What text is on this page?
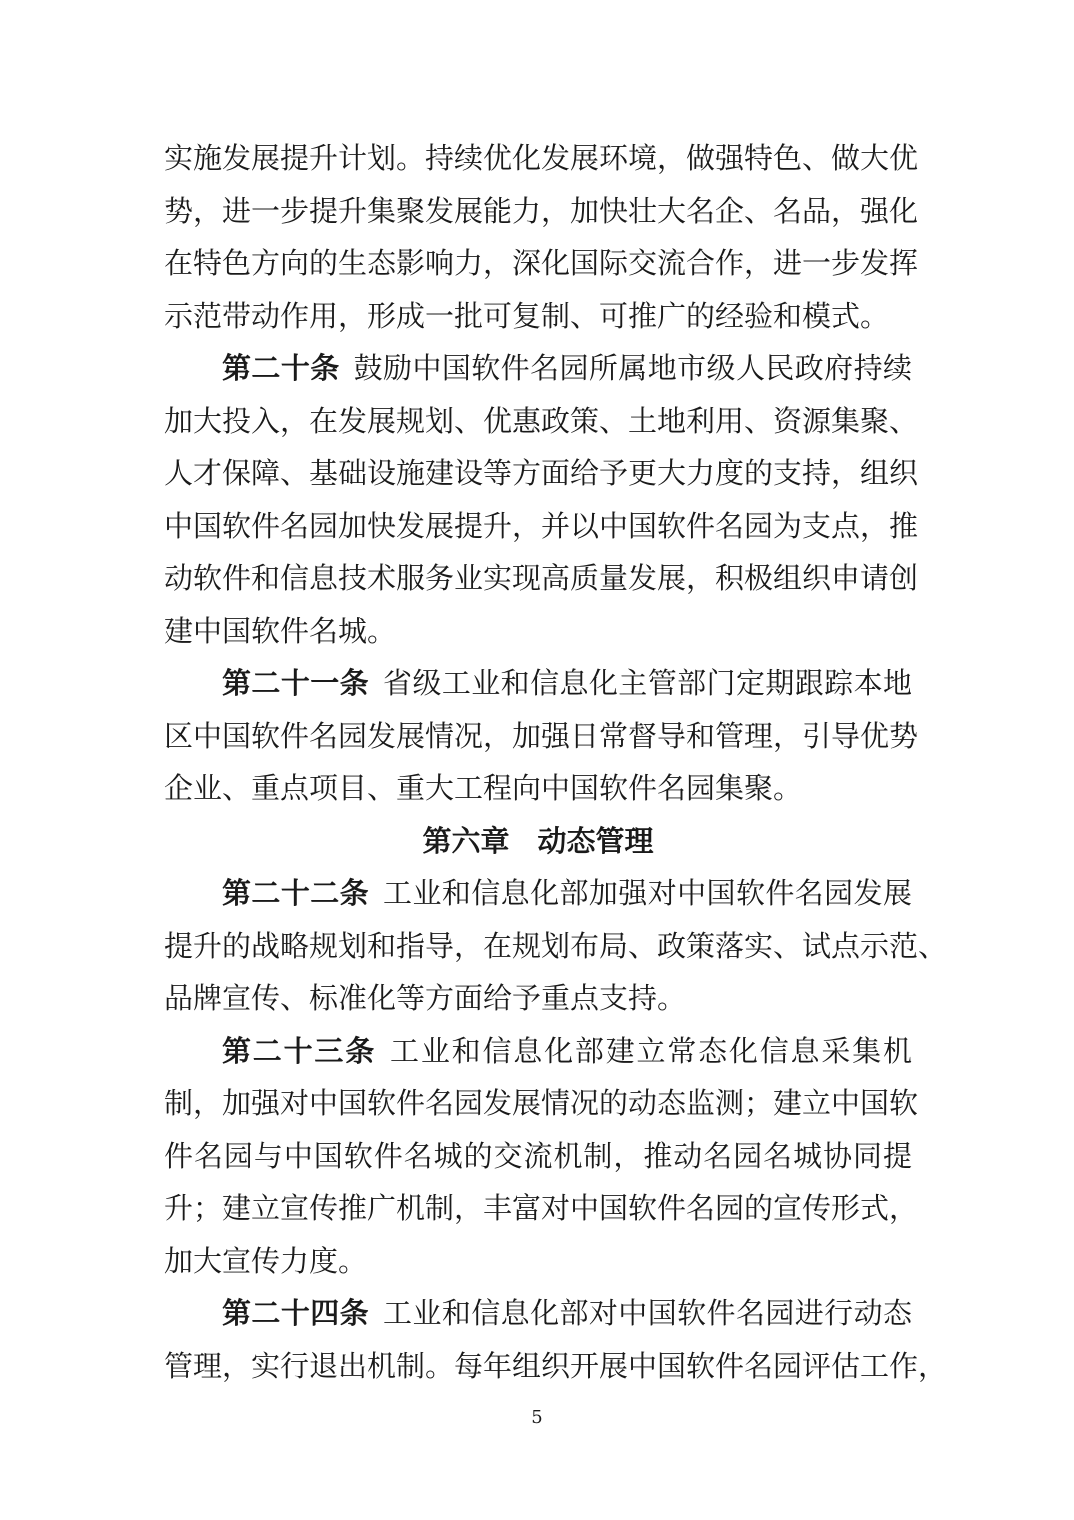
实施发展提升计划。持续优化发展环境，做强特色、做大优
势，进一步提升集聚发展能力，加快壮大名企、名品，强化
在特色方向的生态影响力，深化国际交流合作，进一步发挥
示范带动作用，形成一批可复制、可推广的经验和模式。
第二十条 鼓励中国软件名园所属地市级人民政府持续
加大投入，在发展规划、优惠政策、土地利用、资源集聚、
人才保障、基础设施建设等方面给予更大力度的支持，组织
中国软件名园加快发展提升，并以中国软件名园为支点，推
动软件和信息技术服务业实现高质量发展，积极组织申请创
建中国软件名城。
第二十一条 省级工业和信息化主管部门定期跟踪本地
区中国软件名园发展情况，加强日常督导和管理，引导优势
企业、重点项目、重大工程向中国软件名园集聚。
第六章 动态管理
第二十二条 工业和信息化部加强对中国软件名园发展
提升的战略规划和指导，在规划布局、政策落实、试点示范、
品牌宣传、标准化等方面给予重点支持。
第二十三条 工业和信息化部建立常态化信息采集机
制，加强对中国软件名园发展情况的动态监测；建立中国软
件名园与中国软件名城的交流机制，推动名园名城协同提
升；建立宣传推广机制，丰富对中国软件名园的宣传形式，
加大宣传力度。
第二十四条 工业和信息化部对中国软件名园进行动态
管理，实行退出机制。每年组织开展中国软件名园评估工作，
5
